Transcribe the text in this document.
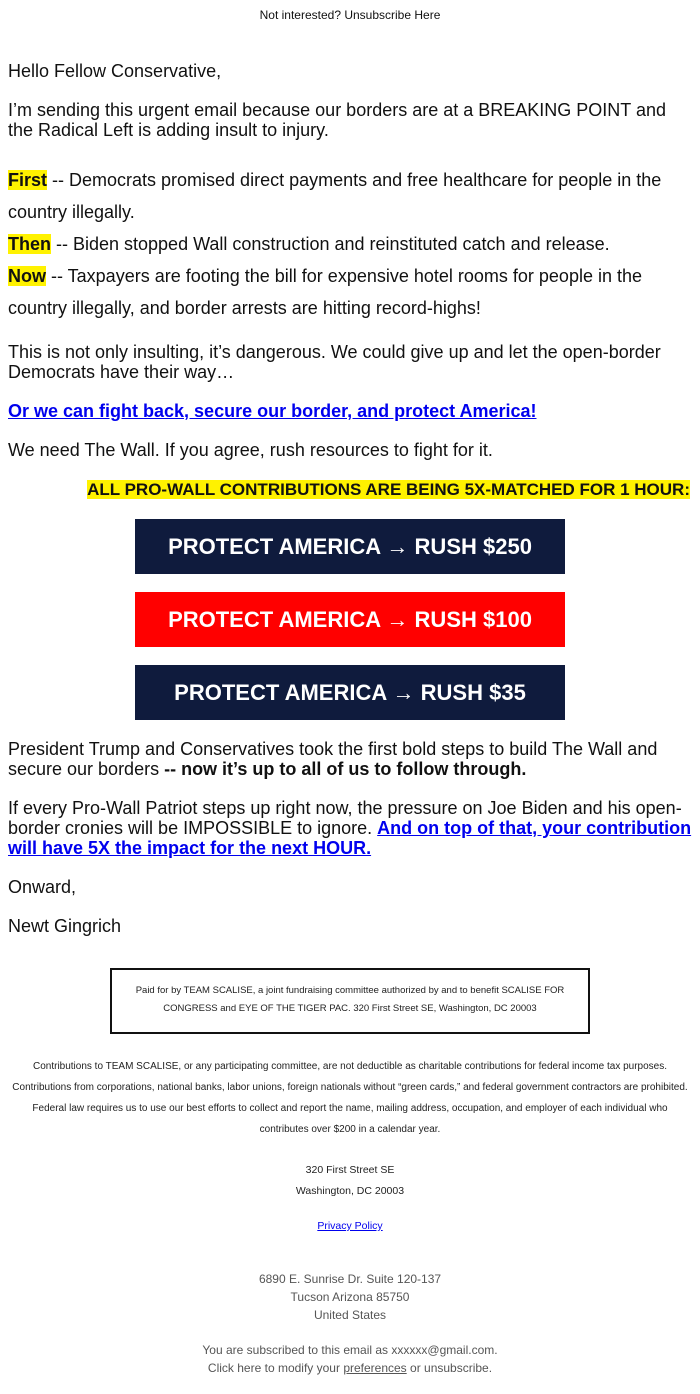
Not interested? Unsubscribe Here

Hello Fellow Conservative,

I’m sending this urgent email because our borders are at a BREAKING POINT and the Radical Left is adding insult to injury.

First -- Democrats promised direct payments and free healthcare for people in the country illegally.

Then -- Biden stopped Wall construction and reinstituted catch and release.

Now -- Taxpayers are footing the bill for expensive hotel rooms for people in the country illegally, and border arrests are hitting record-highs!

This is not only insulting, it’s dangerous. We could give up and let the open-border Democrats have their way…

Or we can fight back, secure our border, and protect America!

We need The Wall. If you agree, rush resources to fight for it.

ALL PRO-WALL CONTRIBUTIONS ARE BEING 5X-MATCHED FOR 1 HOUR:
PROTECT AMERICA → RUSH $250
PROTECT AMERICA → RUSH $100
PROTECT AMERICA → RUSH $35

President Trump and Conservatives took the first bold steps to build The Wall and secure our borders -- now it’s up to all of us to follow through.

If every Pro-Wall Patriot steps up right now, the pressure on Joe Biden and his open-border cronies will be IMPOSSIBLE to ignore. And on top of that, your contribution will have 5X the impact for the next HOUR.

Onward,

Newt Gingrich

Paid for by TEAM SCALISE, a joint fundraising committee authorized by and to benefit SCALISE FOR CONGRESS and EYE OF THE TIGER PAC. 320 First Street SE, Washington, DC 20003
Contributions to TEAM SCALISE, or any participating committee, are not deductible as charitable contributions for federal income tax purposes. Contributions from corporations, national banks, labor unions, foreign nationals without “green cards,” and federal government contractors are prohibited. Federal law requires us to use our best efforts to collect and report the name, mailing address, occupation, and employer of each individual who contributes over $200 in a calendar year.
320 First Street SE
Washington, DC 20003
Privacy Policy
6890 E. Sunrise Dr. Suite 120-137
Tucson Arizona 85750
United States
You are subscribed to this email as xxxxxx@gmail.com.
Click here to modify your preferences or unsubscribe.
